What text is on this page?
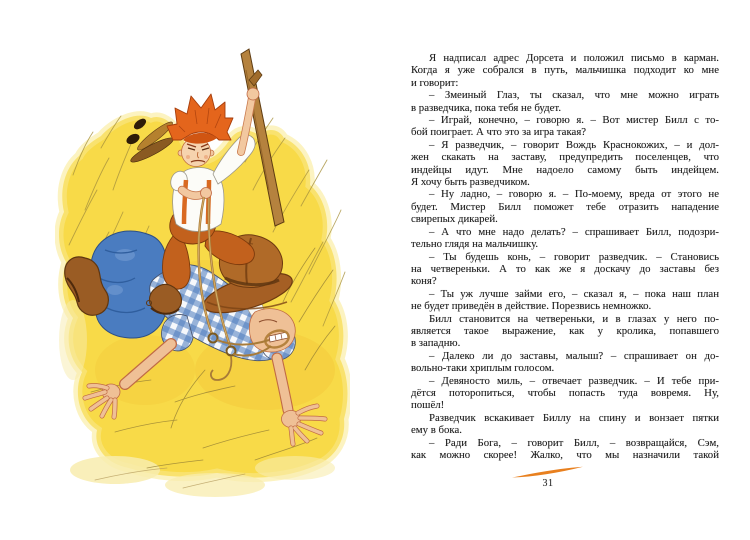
Я надписал адрес Дорсета и положил письмо в карман.
Когда я уже собрался в путь, мальчишка подходит ко мне
и говорит:
– Змеиный Глаз, ты сказал, что мне можно играть
в разведчика, пока тебя не будет.
– Играй, конечно, – говорю я. – Вот мистер Билл с то-
бой поиграет. А что это за игра такая?
– Я разведчик, – говорит Вождь Краснокожих, – и дол-
жен скакать на заставу, предупредить поселенцев, что
индейцы идут. Мне надоело самому быть индейцем.
Я хочу быть разведчиком.
– Ну ладно, – говорю я. – По-моему, вреда от этого не
будет. Мистер Билл поможет тебе отразить нападение
свирепых дикарей.
– А что мне надо делать? – спрашивает Билл, подозри-
тельно глядя на мальчишку.
– Ты будешь конь, – говорит разведчик. – Становись
на четвереньки. А то как же я доскачу до заставы без
коня?
– Ты уж лучше займи его, – сказал я, – пока наш план
не будет приведён в действие. Порезвись немножко.
Билл становится на четвереньки, и в глазах у него по-
является такое выражение, как у кролика, попавшего
в западню.
– Далеко ли до заставы, малыш? – спрашивает он до-
вольно-таки хриплым голосом.
– Девяносто миль, – отвечает разведчик. – И тебе при-
дётся поторопиться, чтобы попасть туда вовремя. Ну,
пошёл!
Разведчик вскакивает Биллу на спину и вонзает пятки
ему в бока.
– Ради Бога, – говорит Билл, – возвращайся, Сэм,
как можно скорее! Жалко, что мы назначили такой
31
